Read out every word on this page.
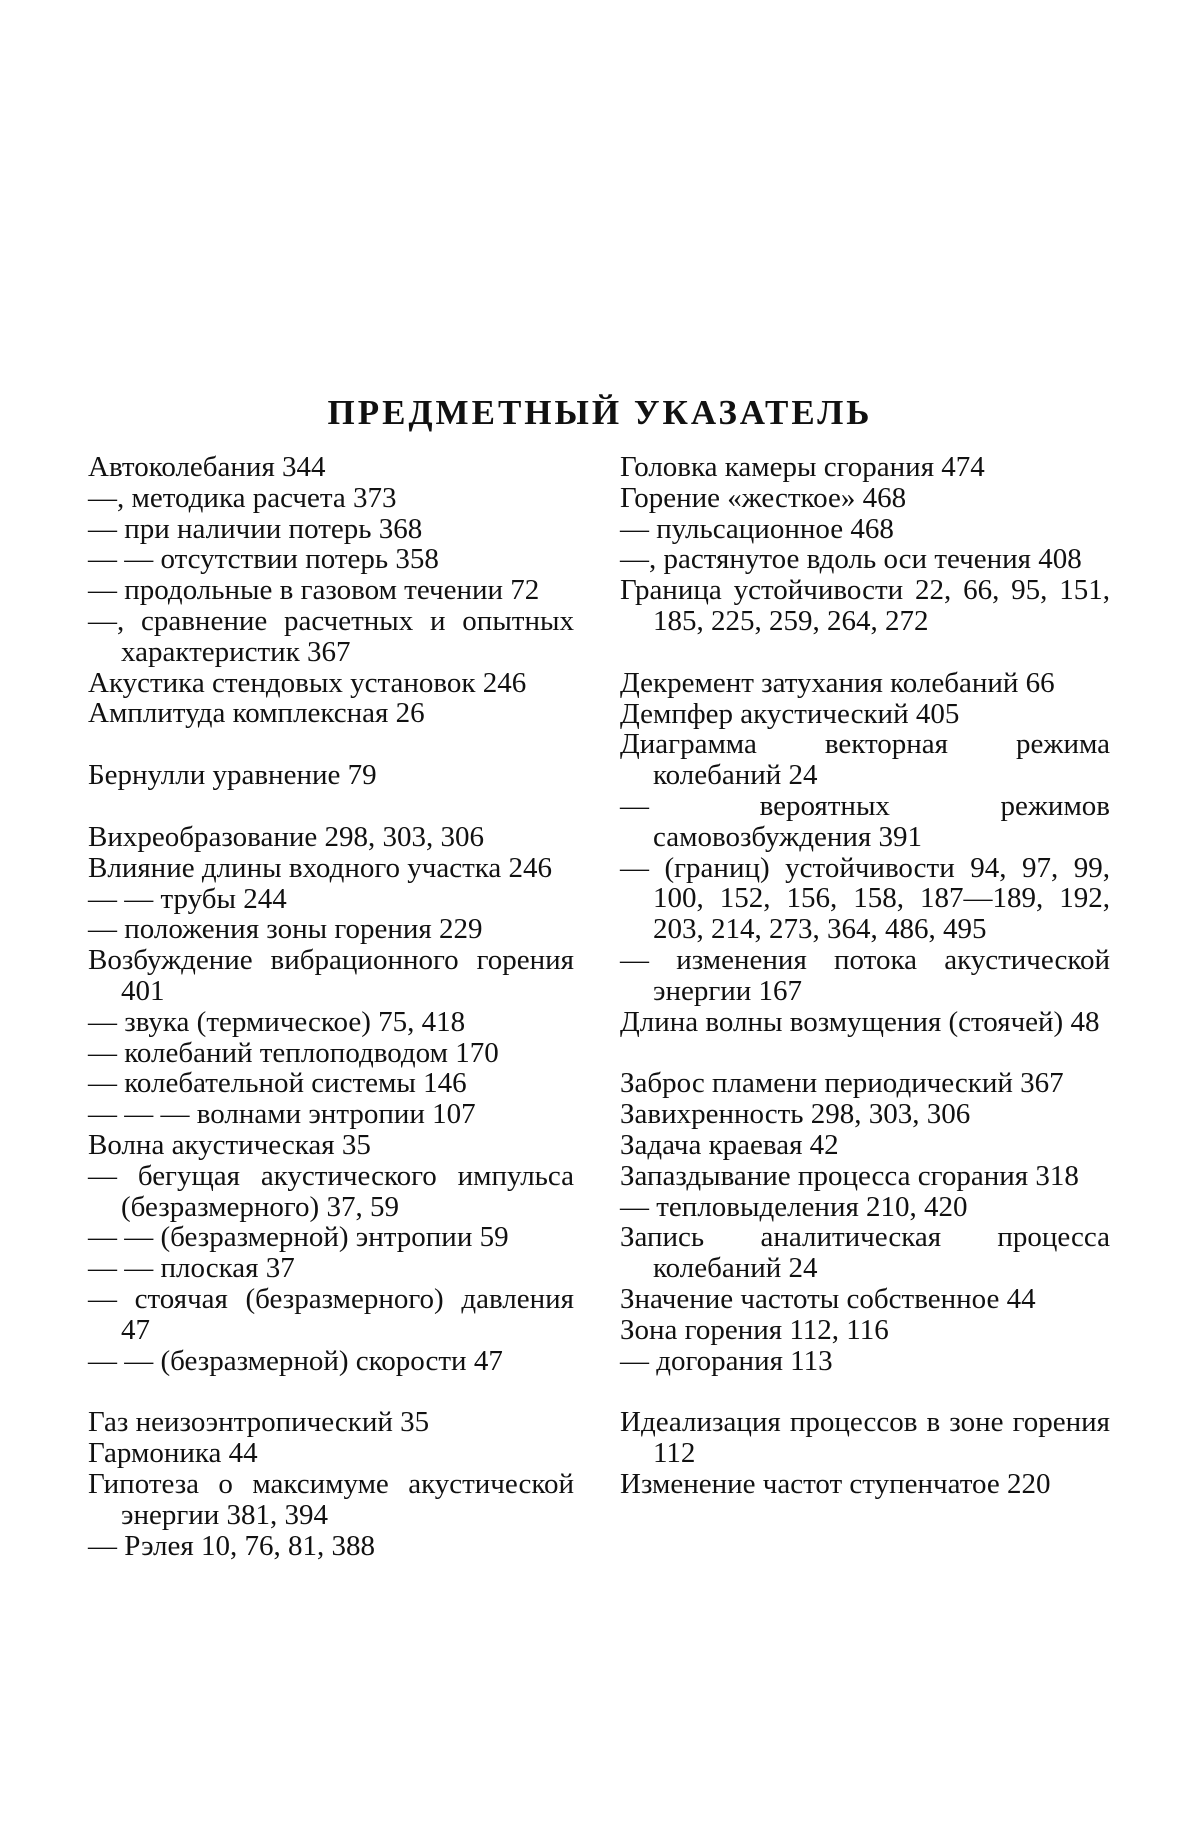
ПРЕДМЕТНЫЙ УКАЗАТЕЛЬ

Автоколебания 344

—, методика расчета 373

— при наличии потерь 368

— — отсутствии потерь 358

— продольные в газовом течении 72

—, сравнение расчетных и опытных характеристик 367

Акустика стендовых установок 246

Амплитуда комплексная 26

Бернулли уравнение 79

Вихреобразование 298, 303, 306

Влияние длины входного участка 246

— — трубы 244

— положения зоны горения 229

Возбуждение вибрационного горения 401

— звука (термическое) 75, 418

— колебаний теплоподводом 170

— колебательной системы 146

— — — волнами энтропии 107

Волна акустическая 35

— бегущая акустического импульса (безразмерного) 37, 59

— — (безразмерной) энтропии 59

— — плоская 37

— стоячая (безразмерного) давления 47

— — (безразмерной) скорости 47

Газ неизоэнтропический 35

Гармоника 44

Гипотеза о максимуме акустической энергии 381, 394

— Рэлея 10, 76, 81, 388

Головка камеры сгорания 474

Горение «жесткое» 468

— пульсационное 468

—, растянутое вдоль оси течения 408

Граница устойчивости 22, 66, 95, 151, 185, 225, 259, 264, 272

Декремент затухания колебаний 66

Демпфер акустический 405

Диаграмма векторная режима колебаний 24

— вероятных режимов самовозбуждения 391

— (границ) устойчивости 94, 97, 99, 100, 152, 156, 158, 187—189, 192, 203, 214, 273, 364, 486, 495

— изменения потока акустической энергии 167

Длина волны возмущения (стоячей) 48

Заброс пламени периодический 367

Завихренность 298, 303, 306

Задача краевая 42

Запаздывание процесса сгорания 318

— тепловыделения 210, 420

Запись аналитическая процесса колебаний 24

Значение частоты собственное 44

Зона горения 112, 116

— догорания 113

Идеализация процессов в зоне горения 112

Изменение частот ступенчатое 220
